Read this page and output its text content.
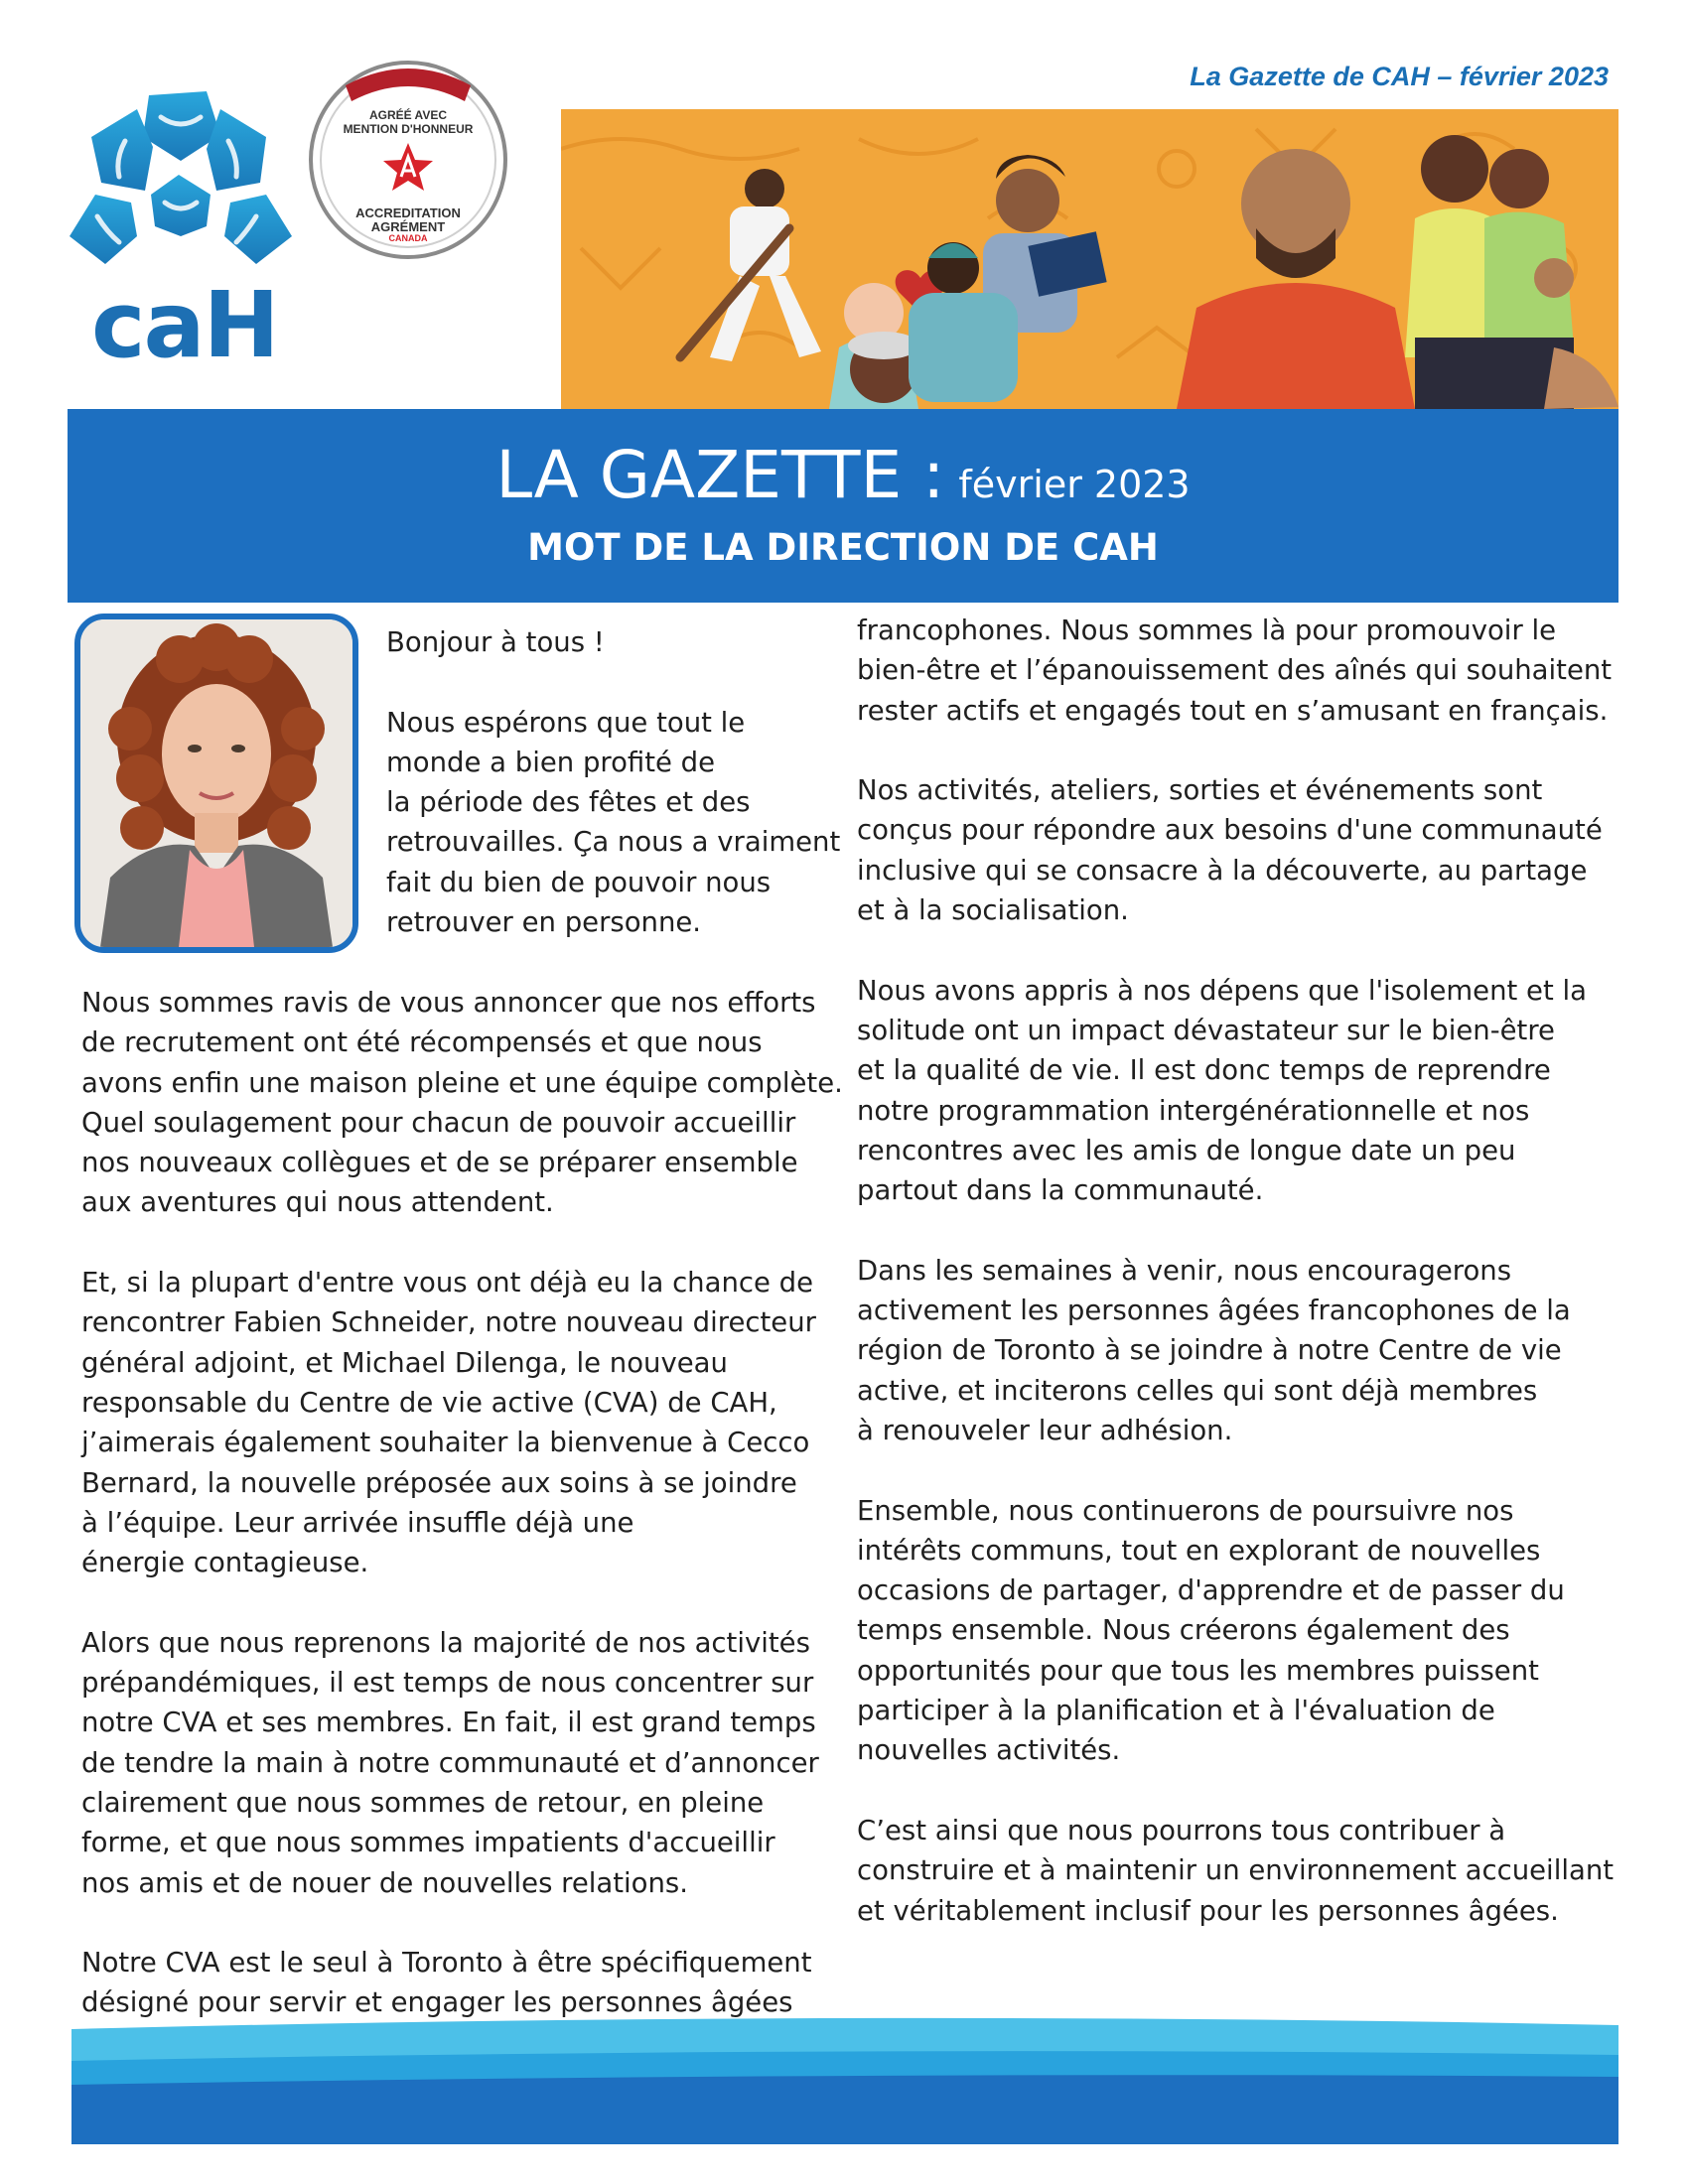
La Gazette de CAH – février 2023
caH
AGRÉÉ AVEC
MENTION D'HONNEUR
ACCREDITATION
AGRÉMENT
CANADA
LA GAZETTE : février 2023
MOT DE LA DIRECTION DE CAH

Bonjour à tous !

Nous espérons que tout le

monde a bien profité de

la période des fêtes et des

retrouvailles. Ça nous a vraiment

fait du bien de pouvoir nous

retrouver en personne.

Nous sommes ravis de vous annoncer que nos efforts

de recrutement ont été récompensés et que nous

avons enfin une maison pleine et une équipe complète.

Quel soulagement pour chacun de pouvoir accueillir

nos nouveaux collègues et de se préparer ensemble

aux aventures qui nous attendent.

Et, si la plupart d'entre vous ont déjà eu la chance de

rencontrer Fabien Schneider, notre nouveau directeur

général adjoint, et Michael Dilenga, le nouveau

responsable du Centre de vie active (CVA) de CAH,

j’aimerais également souhaiter la bienvenue à Cecco

Bernard, la nouvelle préposée aux soins à se joindre

à l’équipe. Leur arrivée insuffle déjà une

énergie contagieuse.

Alors que nous reprenons la majorité de nos activités

prépandémiques, il est temps de nous concentrer sur

notre CVA et ses membres. En fait, il est grand temps

de tendre la main à notre communauté et d’annoncer

clairement que nous sommes de retour, en pleine

forme, et que nous sommes impatients d'accueillir

nos amis et de nouer de nouvelles relations.

Notre CVA est le seul à Toronto à être spécifiquement

désigné pour servir et engager les personnes âgées

francophones. Nous sommes là pour promouvoir le

bien-être et l’épanouissement des aînés qui souhaitent

rester actifs et engagés tout en s’amusant en français.

Nos activités, ateliers, sorties et événements sont

conçus pour répondre aux besoins d'une communauté

inclusive qui se consacre à la découverte, au partage

et à la socialisation.

Nous avons appris à nos dépens que l'isolement et la

solitude ont un impact dévastateur sur le bien-être

et la qualité de vie. Il est donc temps de reprendre

notre programmation intergénérationnelle et nos

rencontres avec les amis de longue date un peu

partout dans la communauté.

Dans les semaines à venir, nous encouragerons

activement les personnes âgées francophones de la

région de Toronto à se joindre à notre Centre de vie

active, et inciterons celles qui sont déjà membres

à renouveler leur adhésion.

Ensemble, nous continuerons de poursuivre nos

intérêts communs, tout en explorant de nouvelles

occasions de partager, d'apprendre et de passer du

temps ensemble. Nous créerons également des

opportunités pour que tous les membres puissent

participer à la planification et à l'évaluation de

nouvelles activités.

C’est ainsi que nous pourrons tous contribuer à

construire et à maintenir un environnement accueillant

et véritablement inclusif pour les personnes âgées.
